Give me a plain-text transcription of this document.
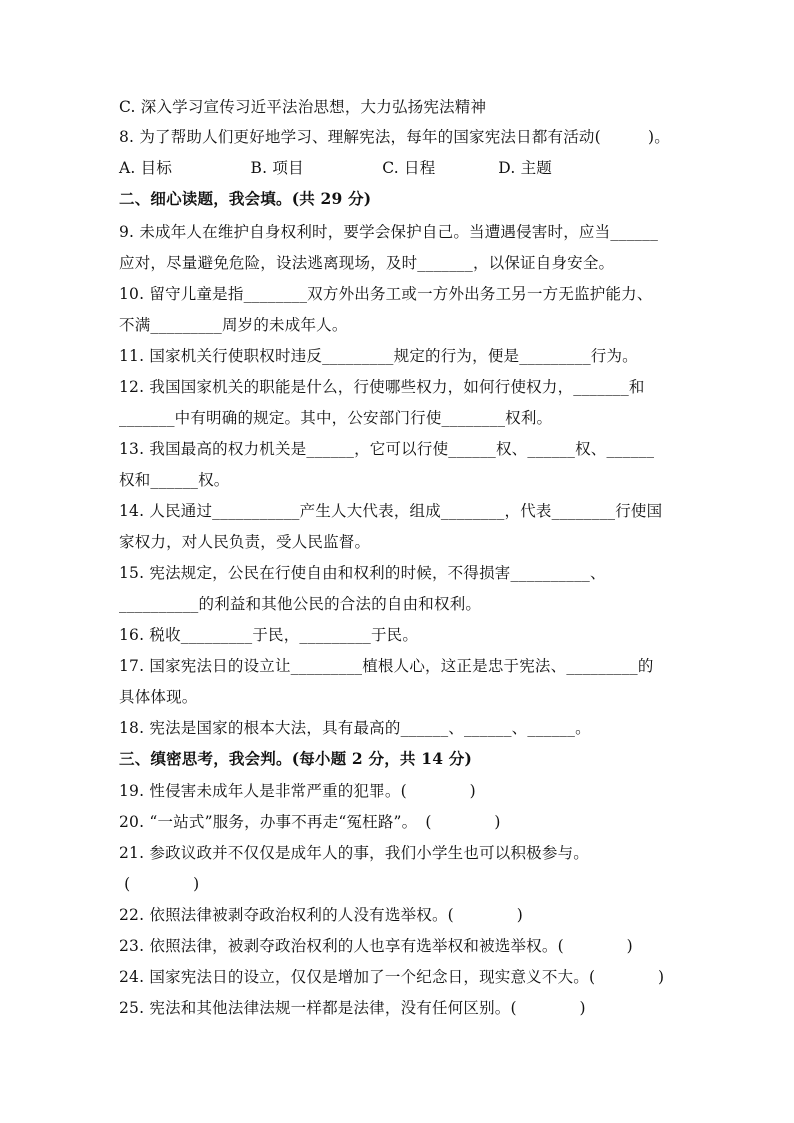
C. 深入学习宣传习近平法治思想，大力弘扬宪法精神
8. 为了帮助人们更好地学习、理解宪法，每年的国家宪法日都有活动(　　　)。
A. 目标　　　　　B. 项目　　　　　C. 日程　　　　D. 主题
二、细心读题，我会填。(共 29 分)
9. 未成年人在维护自身权利时，要学会保护自己。当遭遇侵害时，应当______
应对，尽量避免危险，设法逃离现场，及时_______，以保证自身安全。
10. 留守儿童是指________双方外出务工或一方外出务工另一方无监护能力、
不满_________周岁的未成年人。
11. 国家机关行使职权时违反_________规定的行为，便是_________行为。
12. 我国国家机关的职能是什么，行使哪些权力，如何行使权力，_______和
_______中有明确的规定。其中，公安部门行使________权利。
13. 我国最高的权力机关是______，它可以行使______权、______权、______
权和______权。
14. 人民通过___________产生人大代表，组成________，代表________行使国
家权力，对人民负责，受人民监督。
15. 宪法规定，公民在行使自由和权利的时候，不得损害__________、
__________的利益和其他公民的合法的自由和权利。
16. 税收_________于民，_________于民。
17. 国家宪法日的设立让_________植根人心，这正是忠于宪法、_________的
具体体现。
18. 宪法是国家的根本大法，具有最高的______、______、______。
三、缜密思考，我会判。(每小题 2 分，共 14 分)
19. 性侵害未成年人是非常严重的犯罪。(　　　　)
20. “一站式”服务，办事不再走“冤枉路”。　(　　　　)
21. 参政议政并不仅仅是成年人的事，我们小学生也可以积极参与。
(　　　　)
22. 依照法律被剥夺政治权利的人没有选举权。(　　　　)
23. 依照法律，被剥夺政治权利的人也享有选举权和被选举权。(　　　　)
24. 国家宪法日的设立，仅仅是增加了一个纪念日，现实意义不大。(　　　　)
25. 宪法和其他法律法规一样都是法律，没有任何区别。(　　　　)
